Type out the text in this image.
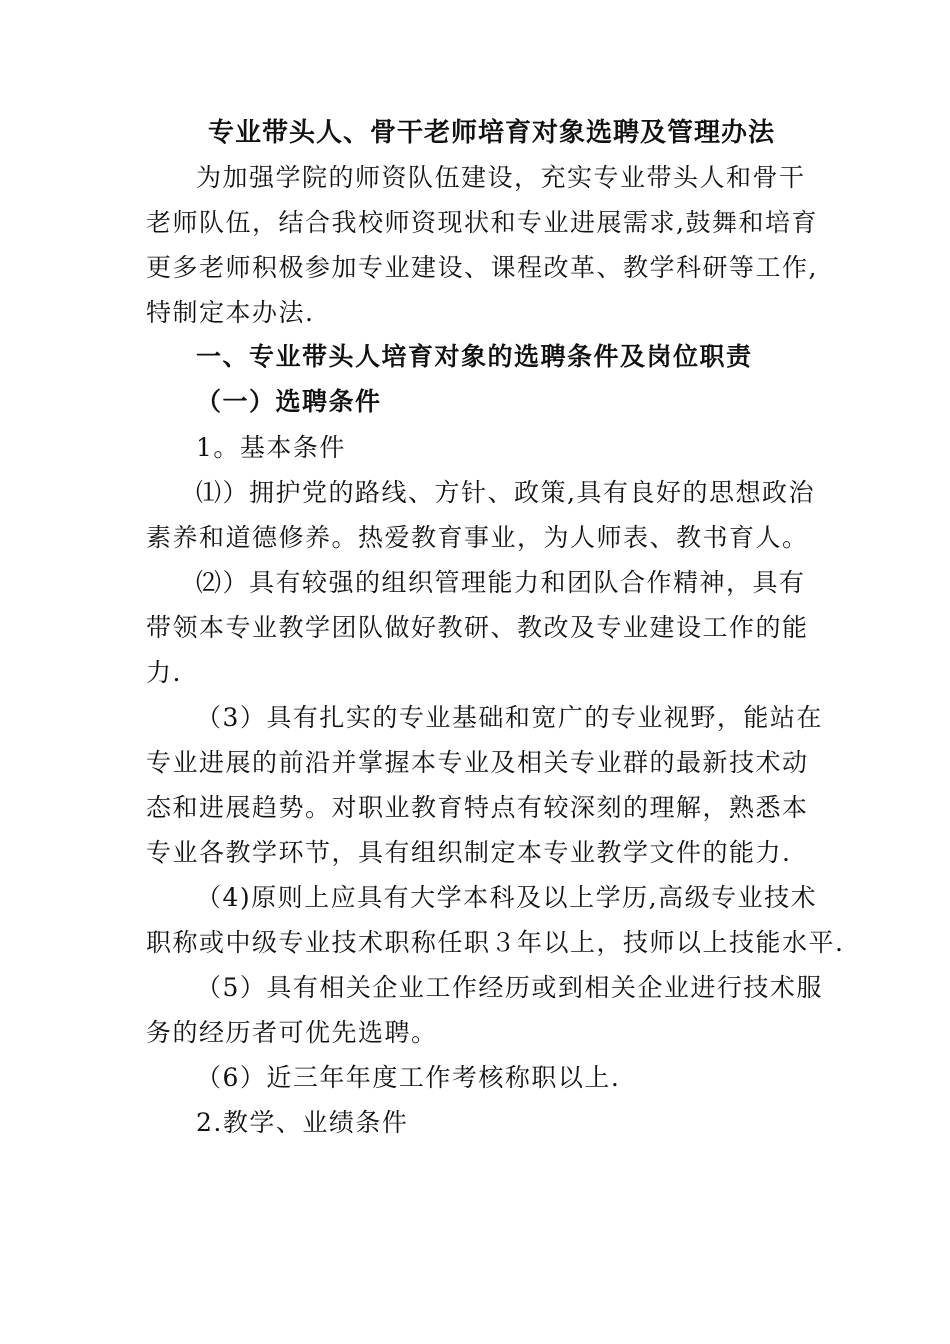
专业带头人、骨干老师培育对象选聘及管理办法
为加强学院的师资队伍建设，充实专业带头人和骨干
老师队伍，结合我校师资现状和专业进展需求,鼓舞和培育
更多老师积极参加专业建设、课程改革、教学科研等工作,
特制定本办法.
一、专业带头人培育对象的选聘条件及岗位职责
（一）选聘条件
1。基本条件
⑴）拥护党的路线、方针、政策,具有良好的思想政治
素养和道德修养。热爱教育事业，为人师表、教书育人。
⑵）具有较强的组织管理能力和团队合作精神，具有
带领本专业教学团队做好教研、教改及专业建设工作的能
力.
（3）具有扎实的专业基础和宽广的专业视野，能站在
专业进展的前沿并掌握本专业及相关专业群的最新技术动
态和进展趋势。对职业教育特点有较深刻的理解，熟悉本
专业各教学环节，具有组织制定本专业教学文件的能力.
（4)原则上应具有大学本科及以上学历,高级专业技术
职称或中级专业技术职称任职３年以上，技师以上技能水平.
（5）具有相关企业工作经历或到相关企业进行技术服
务的经历者可优先选聘。
（6）近三年年度工作考核称职以上.
2.教学、业绩条件
